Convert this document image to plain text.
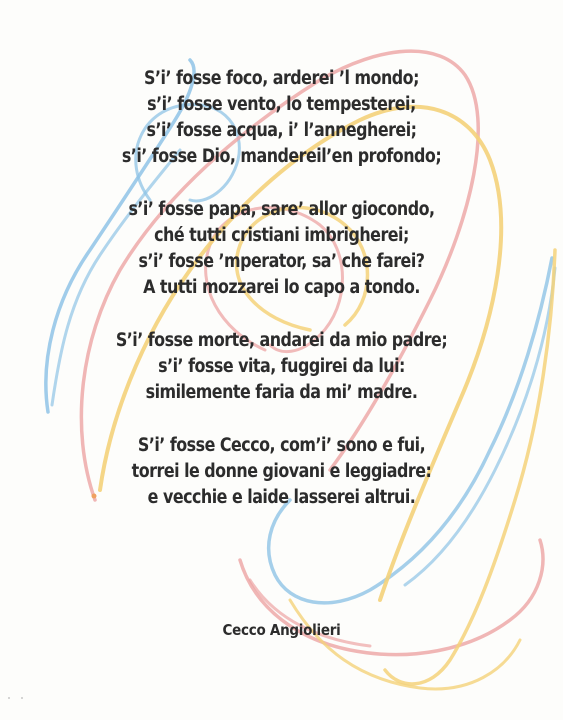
S’i’ fosse foco, arderei ’l mondo;
s’i’ fosse vento, lo tempesterei;
s’i’ fosse acqua, i’ l’annegherei;
s’i’ fosse Dio, mandereil’en profondo;
s’i’ fosse papa, sare’ allor giocondo,
ché tutti cristiani imbrigherei;
s’i’ fosse ’mperator, sa’ che farei?
A tutti mozzarei lo capo a tondo.
S’i’ fosse morte, andarei da mio padre;
s’i’ fosse vita, fuggirei da lui:
similemente faria da mi’ madre.
S’i’ fosse Cecco, com’i’ sono e fui,
torrei le donne giovani e leggiadre:
e vecchie e laide lasserei altrui.
Cecco Angiolieri
